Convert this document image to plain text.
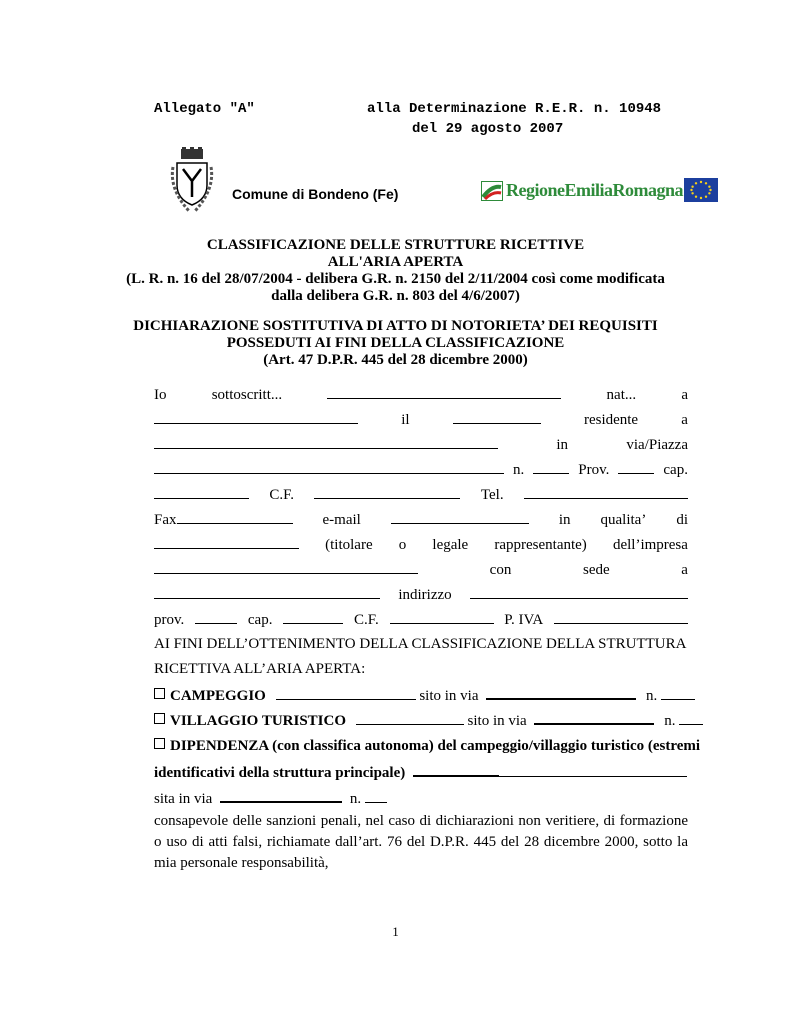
Allegato "A"	alla Determinazione R.E.R. n. 10948
del 29 agosto 2007
Comune di Bondeno (Fe)	RegioneEmiliaRomagna
CLASSIFICAZIONE DELLE STRUTTURE RICETTIVE
ALL'ARIA APERTA
(L. R. n. 16 del 28/07/2004 - delibera G.R. n. 2150 del 2/11/2004 così come modificata
dalla delibera G.R. n. 803 del 4/6/2007)
DICHIARAZIONE SOSTITUTIVA DI ATTO DI NOTORIETA’ DEI REQUISITI
POSSEDUTI AI FINI DELLA CLASSIFICAZIONE
(Art. 47 D.P.R. 445 del 28 dicembre 2000)
Io	sottoscritt...	nat...	a
il	residente	a
in	via/Piazza
n.	Prov.	cap.
C.F.	Tel.
Fax	e-mail	in qualita’ di
(titolare o legale rappresentante) dell’impresa
con	sede	a
indirizzo
prov.	cap.	C.F.	P. IVA
AI FINI DELL’OTTENIMENTO DELLA CLASSIFICAZIONE DELLA STRUTTURA
RICETTIVA ALL’ARIA APERTA:
CAMPEGGIO	sito in via	n.
VILLAGGIO TURISTICO	sito in via	n.
DIPENDENZA (con classifica autonoma) del campeggio/villaggio turistico (estremi
identificativi della struttura principale)
sita in via	n.
consapevole delle sanzioni penali, nel caso di dichiarazioni non veritiere, di formazione o uso di atti falsi, richiamate dall’art. 76 del D.P.R. 445 del 28 dicembre 2000, sotto la mia personale responsabilità,
1
